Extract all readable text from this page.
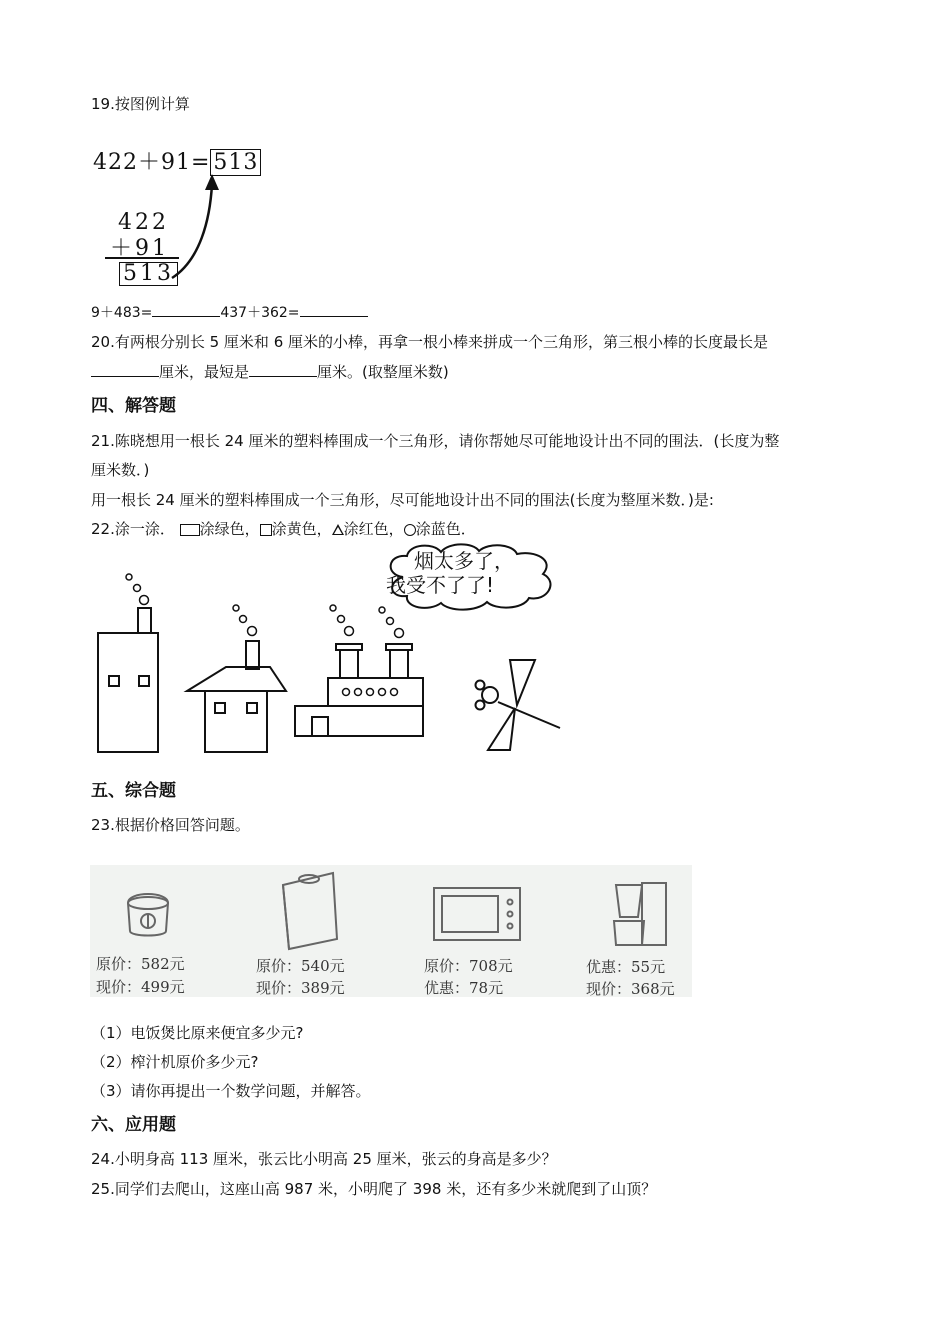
19.按图例计算
422＋91= 513
422
＋91
513
9＋483=	437＋362=
20.有两根分别长 5 厘米和 6 厘米的小棒，再拿一根小棒来拼成一个三角形，第三根小棒的长度最长是
厘米，最短是	厘米。(取整厘米数)
四、解答题
21.陈晓想用一根长 24 厘米的塑料棒围成一个三角形，请你帮她尽可能地设计出不同的围法．(长度为整
厘米数．)
用一根长 24 厘米的塑料棒围成一个三角形，尽可能地设计出不同的围法(长度为整厘米数．)是:
22.涂一涂． 涂绿色， 涂黄色， 涂红色， 涂蓝色．
烟太多了，
我受不了了!
五、综合题
23.根据价格回答问题。
原价：582元
现价：499元
原价：540元
现价：389元
原价：708元
优惠：78元
优惠：55元
现价：368元
（1）电饭煲比原来便宜多少元?
（2）榨汁机原价多少元?
（3）请你再提出一个数学问题，并解答。
六、应用题
24.小明身高 113 厘米，张云比小明高 25 厘米，张云的身高是多少？
25.同学们去爬山，这座山高 987 米，小明爬了 398 米，还有多少米就爬到了山顶？
